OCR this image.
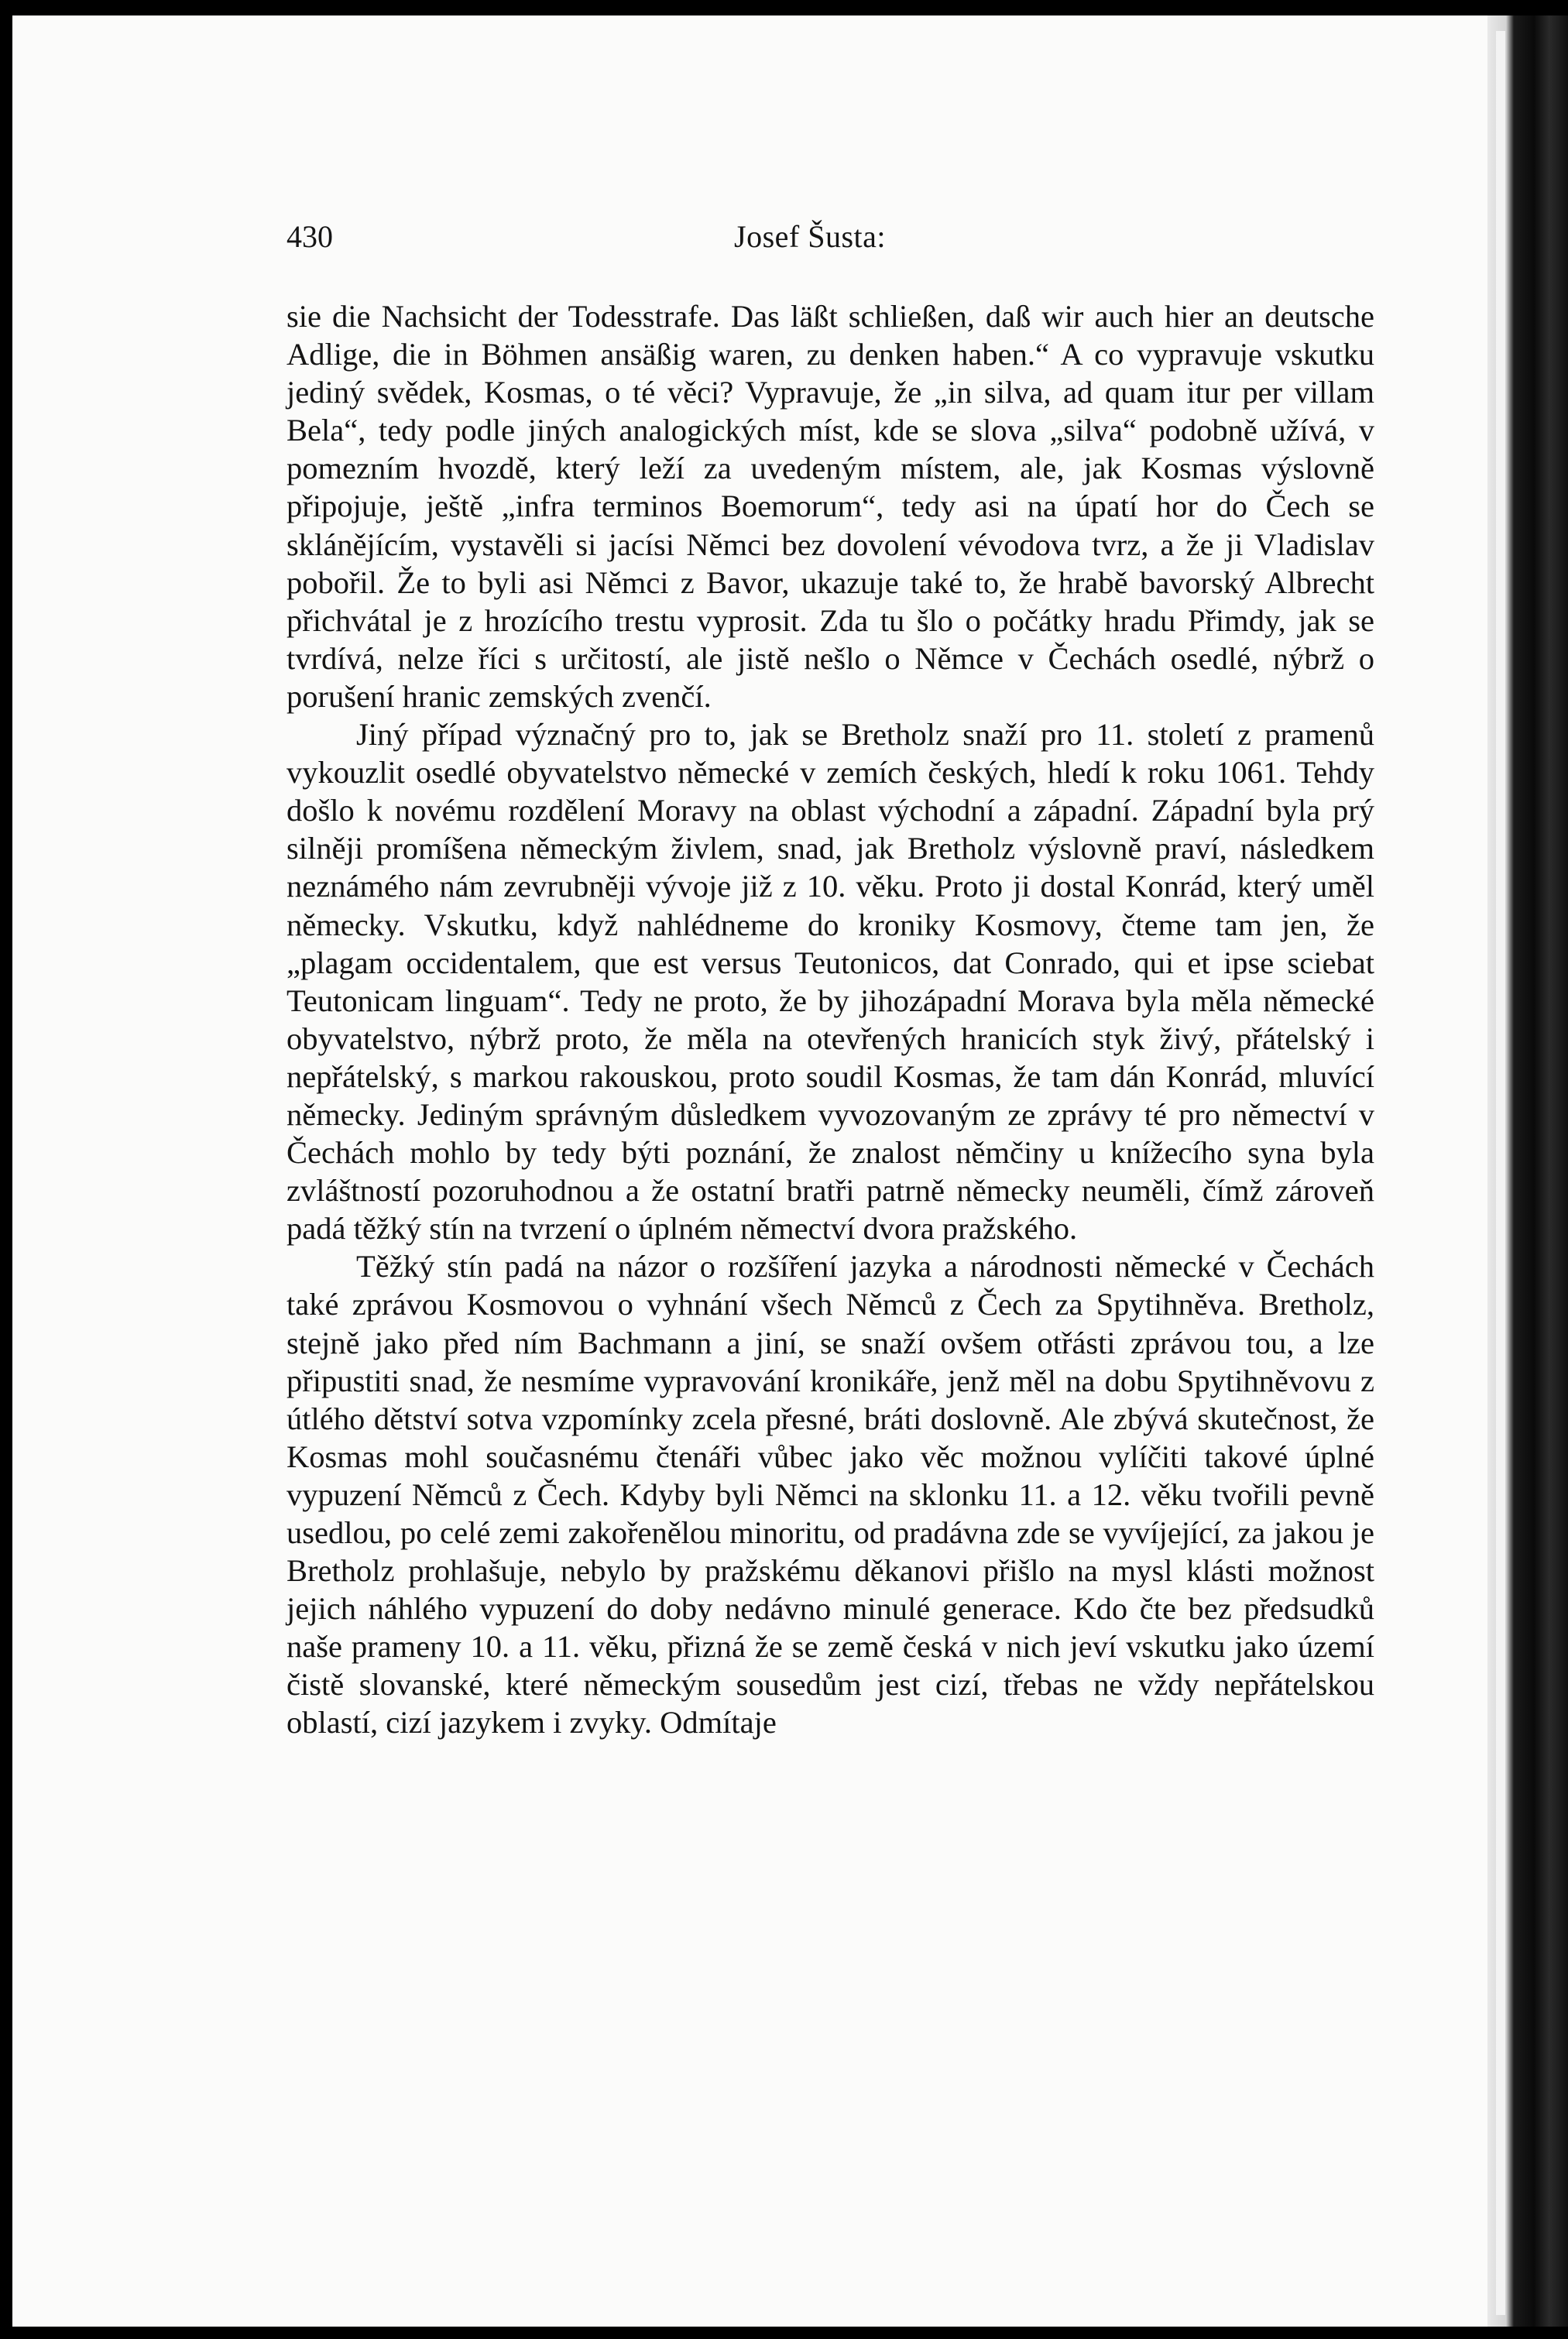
430	Josef Šusta:

sie die Nachsicht der Todesstrafe. Das läßt schließen, daß wir auch hier an deutsche Adlige, die in Böhmen ansäßig waren, zu denken haben.“ A co vypravuje vskutku jediný svědek, Kosmas, o té věci? Vypravuje, že „in silva, ad quam itur per villam Bela“, tedy podle jiných analogických míst, kde se slova „silva“ podobně užívá, v pomezním hvozdě, který leží za uvedeným místem, ale, jak Kosmas výslovně připojuje, ještě „infra terminos Boemorum“, tedy asi na úpatí hor do Čech se sklánějícím, vystavěli si jacísi Němci bez dovolení vévodova tvrz, a že ji Vladislav pobořil. Že to byli asi Němci z Bavor, ukazuje také to, že hrabě bavorský Albrecht přichvátal je z hrozícího trestu vyprosit. Zda tu šlo o počátky hradu Přimdy, jak se tvrdívá, nelze říci s určitostí, ale jistě nešlo o Němce v Čechách osedlé, nýbrž o porušení hranic zemských zvenčí.

Jiný případ význačný pro to, jak se Bretholz snaží pro 11. století z pramenů vykouzlit osedlé obyvatelstvo německé v zemích českých, hledí k roku 1061. Tehdy došlo k novému rozdělení Moravy na oblast východní a západní. Západní byla prý silněji promíšena německým živlem, snad, jak Bretholz výslovně praví, následkem neznámého nám zevrubněji vývoje již z 10. věku. Proto ji dostal Konrád, který uměl německy. Vskutku, když nahlédneme do kroniky Kosmovy, čteme tam jen, že „plagam occidentalem, que est versus Teutonicos, dat Conrado, qui et ipse sciebat Teutonicam linguam“. Tedy ne proto, že by jihozápadní Morava byla měla německé obyvatelstvo, nýbrž proto, že měla na otevřených hranicích styk živý, přátelský i nepřátelský, s markou rakouskou, proto soudil Kosmas, že tam dán Konrád, mluvící německy. Jediným správným důsledkem vyvozovaným ze zprávy té pro němectví v Čechách mohlo by tedy býti poznání, že znalost němčiny u knížecího syna byla zvláštností pozoruhodnou a že ostatní bratři patrně německy neuměli, čímž zároveň padá těžký stín na tvrzení o úplném němectví dvora pražského.

Těžký stín padá na názor o rozšíření jazyka a národnosti německé v Čechách také zprávou Kosmovou o vyhnání všech Němců z Čech za Spytihněva. Bretholz, stejně jako před ním Bachmann a jiní, se snaží ovšem otřásti zprávou tou, a lze připustiti snad, že nesmíme vypravování kronikáře, jenž měl na dobu Spytihněvovu z útlého dětství sotva vzpomínky zcela přesné, bráti doslovně. Ale zbývá skutečnost, že Kosmas mohl současnému čtenáři vůbec jako věc možnou vylíčiti takové úplné vypuzení Němců z Čech. Kdyby byli Němci na sklonku 11. a 12. věku tvořili pevně usedlou, po celé zemi zakořenělou minoritu, od pradávna zde se vyvíjející, za jakou je Bretholz prohlašuje, nebylo by pražskému děkanovi přišlo na mysl klásti možnost jejich náhlého vypuzení do doby nedávno minulé generace. Kdo čte bez předsudků naše prameny 10. a 11. věku, přizná že se země česká v nich jeví vskutku jako území čistě slovanské, které německým sousedům jest cizí, třebas ne vždy nepřátelskou oblastí, cizí jazykem i zvyky. Odmítaje
